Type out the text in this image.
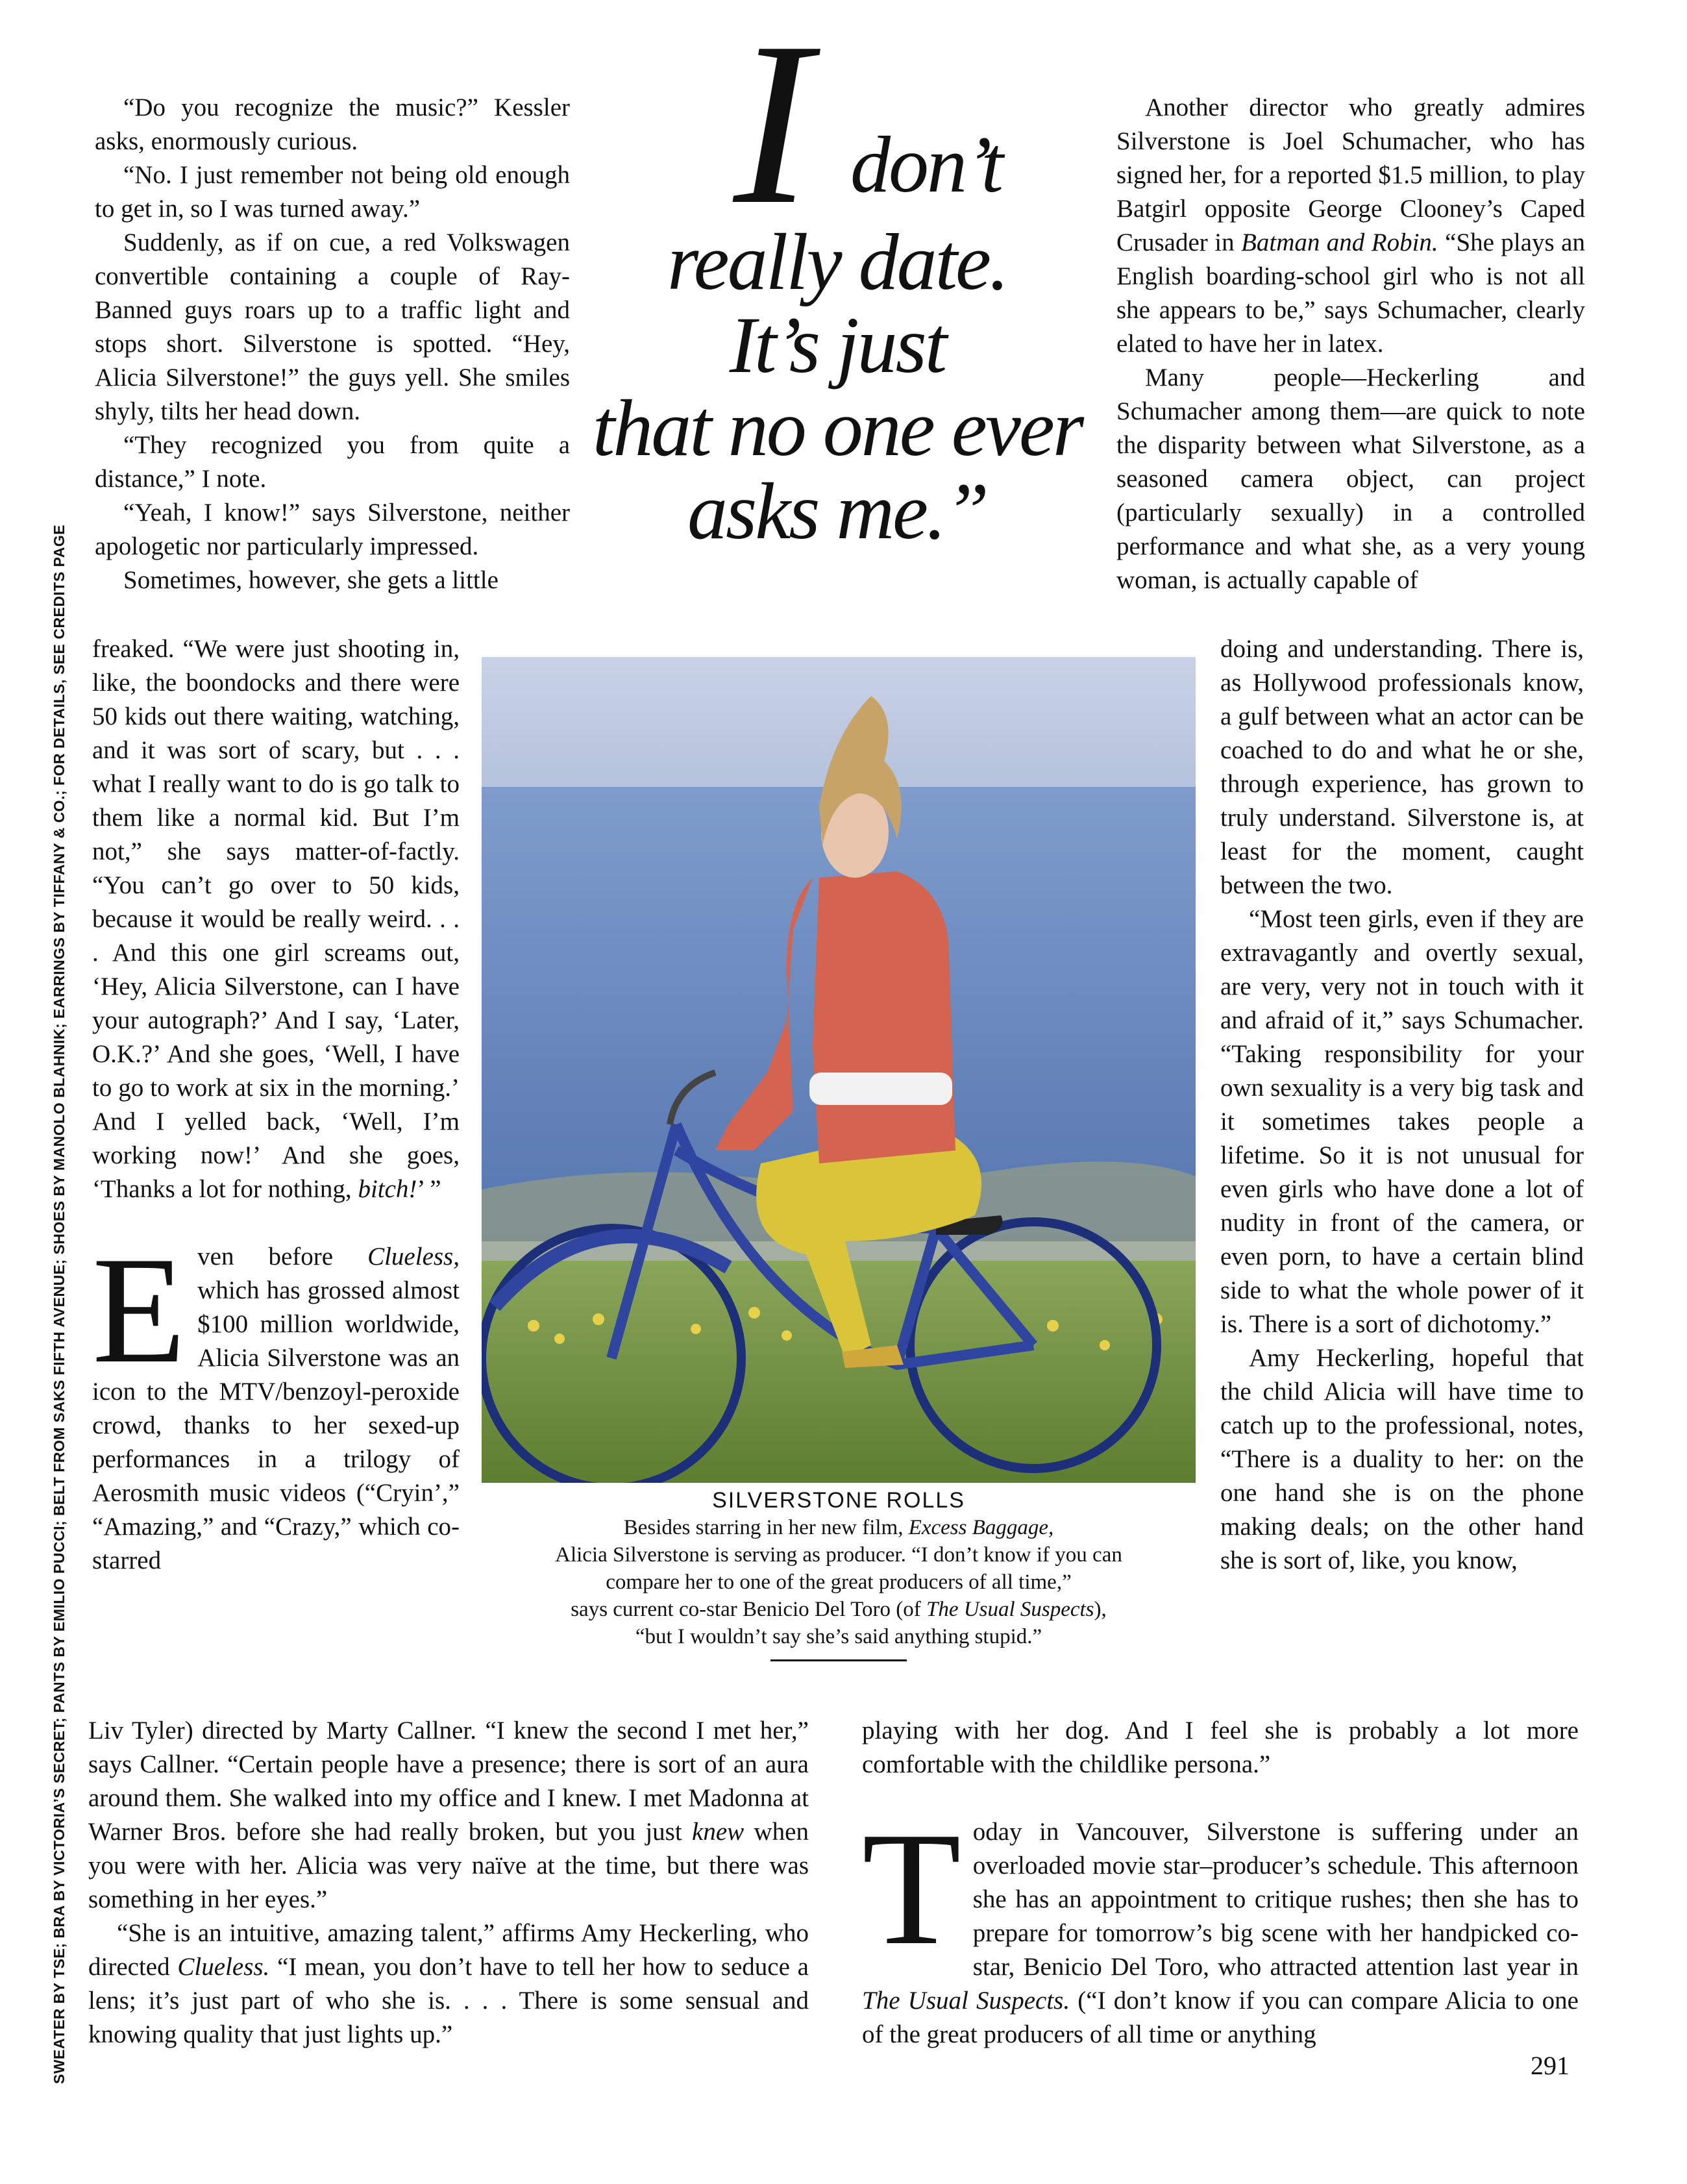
I don’t
really date.
It’s just
that no one ever
asks me.”

“Do you recognize the music?” Kessler asks, enormously curious.

“No. I just remember not being old enough to get in, so I was turned away.”

Suddenly, as if on cue, a red Volkswagen convertible containing a couple of Ray-Banned guys roars up to a traffic light and stops short. Silverstone is spotted. “Hey, Alicia Silverstone!” the guys yell. She smiles shyly, tilts her head down.

“They recognized you from quite a distance,” I note.

“Yeah, I know!” says Silverstone, neither apologetic nor particularly impressed.

Sometimes, however, she gets a little

freaked. “We were just shooting in, like, the boondocks and there were 50 kids out there waiting, watching, and it was sort of scary, but . . . what I really want to do is go talk to them like a normal kid. But I’m not,” she says matter-of-factly. “You can’t go over to 50 kids, because it would be really weird. . . . And this one girl screams out, ‘Hey, Alicia Silverstone, can I have your autograph?’ And I say, ‘Later, O.K.?’ And she goes, ‘Well, I have to go to work at six in the morning.’ And I yelled back, ‘Well, I’m working now!’ And she goes, ‘Thanks a lot for nothing, bitch!’ ”

Even before Clueless, which has grossed almost $100 million worldwide, Alicia Silverstone was an icon to the MTV/benzoyl-peroxide crowd, thanks to her sexed-up performances in a trilogy of Aerosmith music videos (“Cryin’,” “Amazing,” and “Crazy,” which co-starred

Liv Tyler) directed by Marty Callner. “I knew the second I met her,” says Callner. “Certain people have a presence; there is sort of an aura around them. She walked into my office and I knew. I met Madonna at Warner Bros. before she had really broken, but you just knew when you were with her. Alicia was very naïve at the time, but there was something in her eyes.”

“She is an intuitive, amazing talent,” affirms Amy Heckerling, who directed Clueless. “I mean, you don’t have to tell her how to seduce a lens; it’s just part of who she is. . . . There is some sensual and knowing quality that just lights up.”

Another director who greatly admires Silverstone is Joel Schumacher, who has signed her, for a reported $1.5 million, to play Batgirl opposite George Clooney’s Caped Crusader in Batman and Robin. “She plays an English boarding-school girl who is not all she appears to be,” says Schumacher, clearly elated to have her in latex.

Many people—Heckerling and Schumacher among them—are quick to note the disparity between what Silverstone, as a seasoned camera object, can project (particularly sexually) in a controlled performance and what she, as a very young woman, is actually capable of

doing and understanding. There is, as Hollywood professionals know, a gulf between what an actor can be coached to do and what he or she, through experience, has grown to truly understand. Silverstone is, at least for the moment, caught between the two.

“Most teen girls, even if they are extravagantly and overtly sexual, are very, very not in touch with it and afraid of it,” says Schumacher. “Taking responsibility for your own sexuality is a very big task and it sometimes takes people a lifetime. So it is not unusual for even girls who have done a lot of nudity in front of the camera, or even porn, to have a certain blind side to what the whole power of it is. There is a sort of dichotomy.”

Amy Heckerling, hopeful that the child Alicia will have time to catch up to the professional, notes, “There is a duality to her: on the one hand she is on the phone making deals; on the other hand she is sort of, like, you know,

playing with her dog. And I feel she is probably a lot more comfortable with the childlike persona.”

Today in Vancouver, Silverstone is suffering under an overloaded movie star–producer’s schedule. This afternoon she has an appointment to critique rushes; then she has to prepare for tomorrow’s big scene with her handpicked co-star, Benicio Del Toro, who attracted attention last year in The Usual Suspects. (“I don’t know if you can compare Alicia to one of the great producers of all time or anything

SILVERSTONE ROLLS
Besides starring in her new film, Excess Baggage,
Alicia Silverstone is serving as producer. “I don’t know if you can
compare her to one of the great producers of all time,”
says current co-star Benicio Del Toro (of The Usual Suspects),
“but I wouldn’t say she’s said anything stupid.”
SWEATER BY TSE; BRA BY VICTORIA’S SECRET; PANTS BY EMILIO PUCCI; BELT FROM SAKS FIFTH AVENUE; SHOES BY MANOLO BLAHNIK; EARRINGS BY TIFFANY & CO.; FOR DETAILS, SEE CREDITS PAGE	291
